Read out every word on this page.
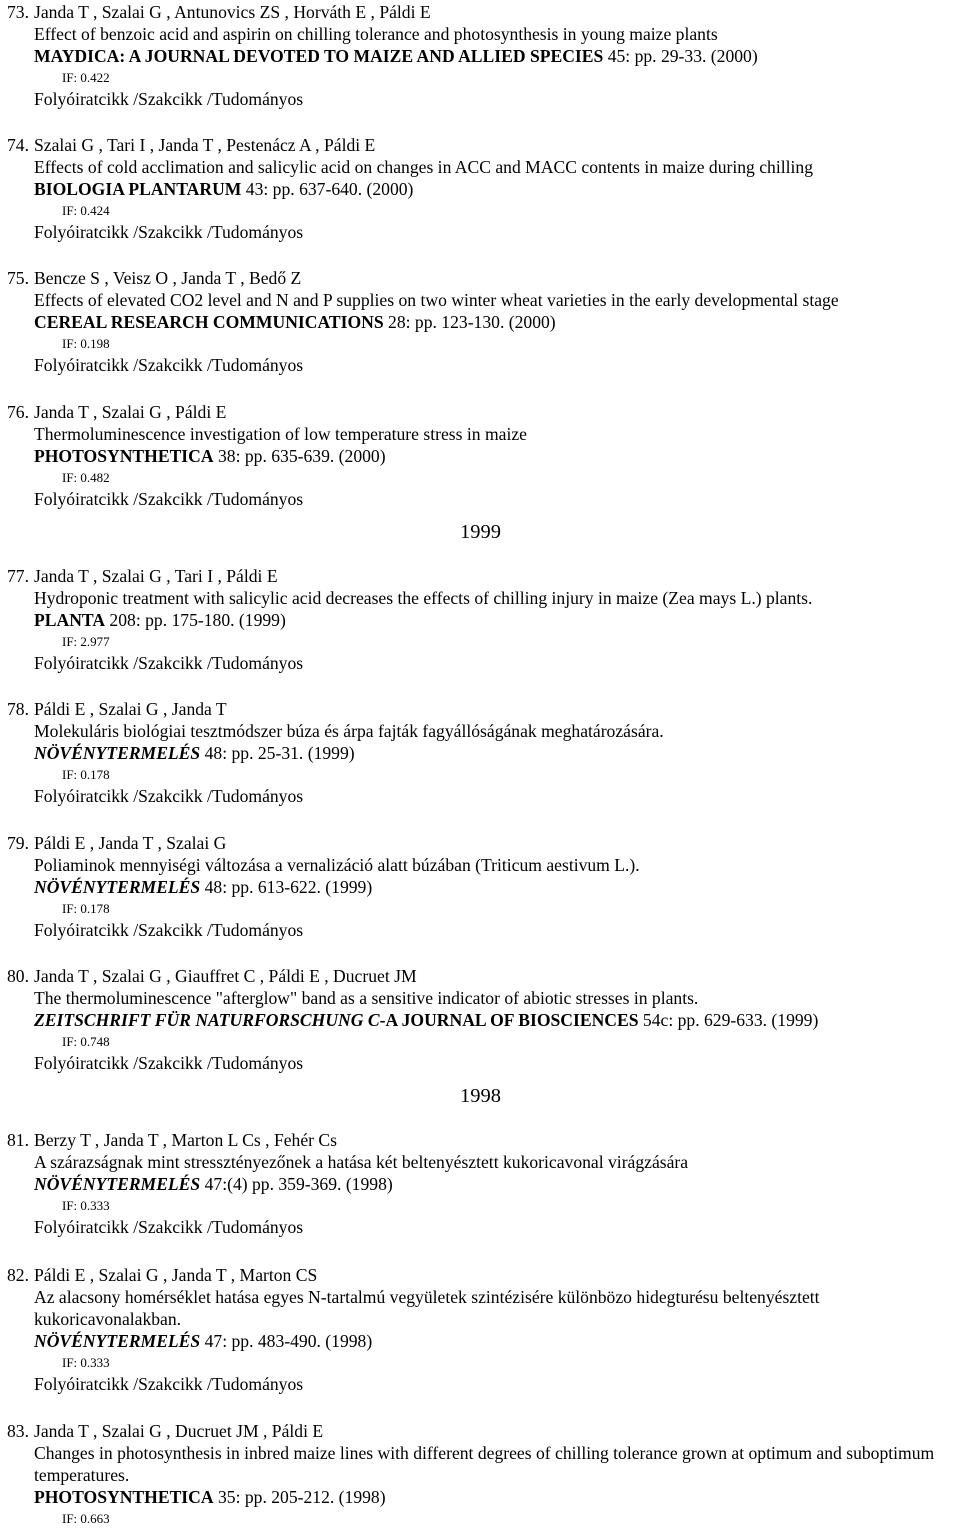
73. Janda T , Szalai G , Antunovics ZS , Horváth E , Páldi E
Effect of benzoic acid and aspirin on chilling tolerance and photosynthesis in young maize plants
MAYDICA: A JOURNAL DEVOTED TO MAIZE AND ALLIED SPECIES 45: pp. 29-33. (2000)
IF: 0.422
Folyóiratcikk /Szakcikk /Tudományos
74. Szalai G , Tari I , Janda T , Pestenácz A , Páldi E
Effects of cold acclimation and salicylic acid on changes in ACC and MACC contents in maize during chilling
BIOLOGIA PLANTARUM 43: pp. 637-640. (2000)
IF: 0.424
Folyóiratcikk /Szakcikk /Tudományos
75. Bencze S , Veisz O , Janda T , Bedő Z
Effects of elevated CO2 level and N and P supplies on two winter wheat varieties in the early developmental stage
CEREAL RESEARCH COMMUNICATIONS 28: pp. 123-130. (2000)
IF: 0.198
Folyóiratcikk /Szakcikk /Tudományos
76. Janda T , Szalai G , Páldi E
Thermoluminescence investigation of low temperature stress in maize
PHOTOSYNTHETICA 38: pp. 635-639. (2000)
IF: 0.482
Folyóiratcikk /Szakcikk /Tudományos
1999
77. Janda T , Szalai G , Tari I , Páldi E
Hydroponic treatment with salicylic acid decreases the effects of chilling injury in maize (Zea mays L.) plants.
PLANTA 208: pp. 175-180. (1999)
IF: 2.977
Folyóiratcikk /Szakcikk /Tudományos
78. Páldi E , Szalai G , Janda T
Molekuláris biológiai tesztmódszer búza és árpa fajták fagyállóságának meghatározására.
NÖVÉNYTERMELÉS 48: pp. 25-31. (1999)
IF: 0.178
Folyóiratcikk /Szakcikk /Tudományos
79. Páldi E , Janda T , Szalai G
Poliaminok mennyiségi változása a vernalizáció alatt búzában (Triticum aestivum L.).
NÖVÉNYTERMELÉS 48: pp. 613-622. (1999)
IF: 0.178
Folyóiratcikk /Szakcikk /Tudományos
80. Janda T , Szalai G , Giauffret C , Páldi E , Ducruet JM
The thermoluminescence "afterglow" band as a sensitive indicator of abiotic stresses in plants.
ZEITSCHRIFT FÜR NATURFORSCHUNG C-A JOURNAL OF BIOSCIENCES 54c: pp. 629-633. (1999)
IF: 0.748
Folyóiratcikk /Szakcikk /Tudományos
1998
81. Berzy T , Janda T , Marton L Cs , Fehér Cs
A szárazságnak mint stressztényezőnek a hatása két beltenyésztett kukoricavonal virágzására
NÖVÉNYTERMELÉS 47:(4) pp. 359-369. (1998)
IF: 0.333
Folyóiratcikk /Szakcikk /Tudományos
82. Páldi E , Szalai G , Janda T , Marton CS
Az alacsony homérséklet hatása egyes N-tartalmú vegyületek szintézisére különbözo hidegturésu beltenyésztett kukoricavonalakban.
NÖVÉNYTERMELÉS 47: pp. 483-490. (1998)
IF: 0.333
Folyóiratcikk /Szakcikk /Tudományos
83. Janda T , Szalai G , Ducruet JM , Páldi E
Changes in photosynthesis in inbred maize lines with different degrees of chilling tolerance grown at optimum and suboptimum temperatures.
PHOTOSYNTHETICA 35: pp. 205-212. (1998)
IF: 0.663
